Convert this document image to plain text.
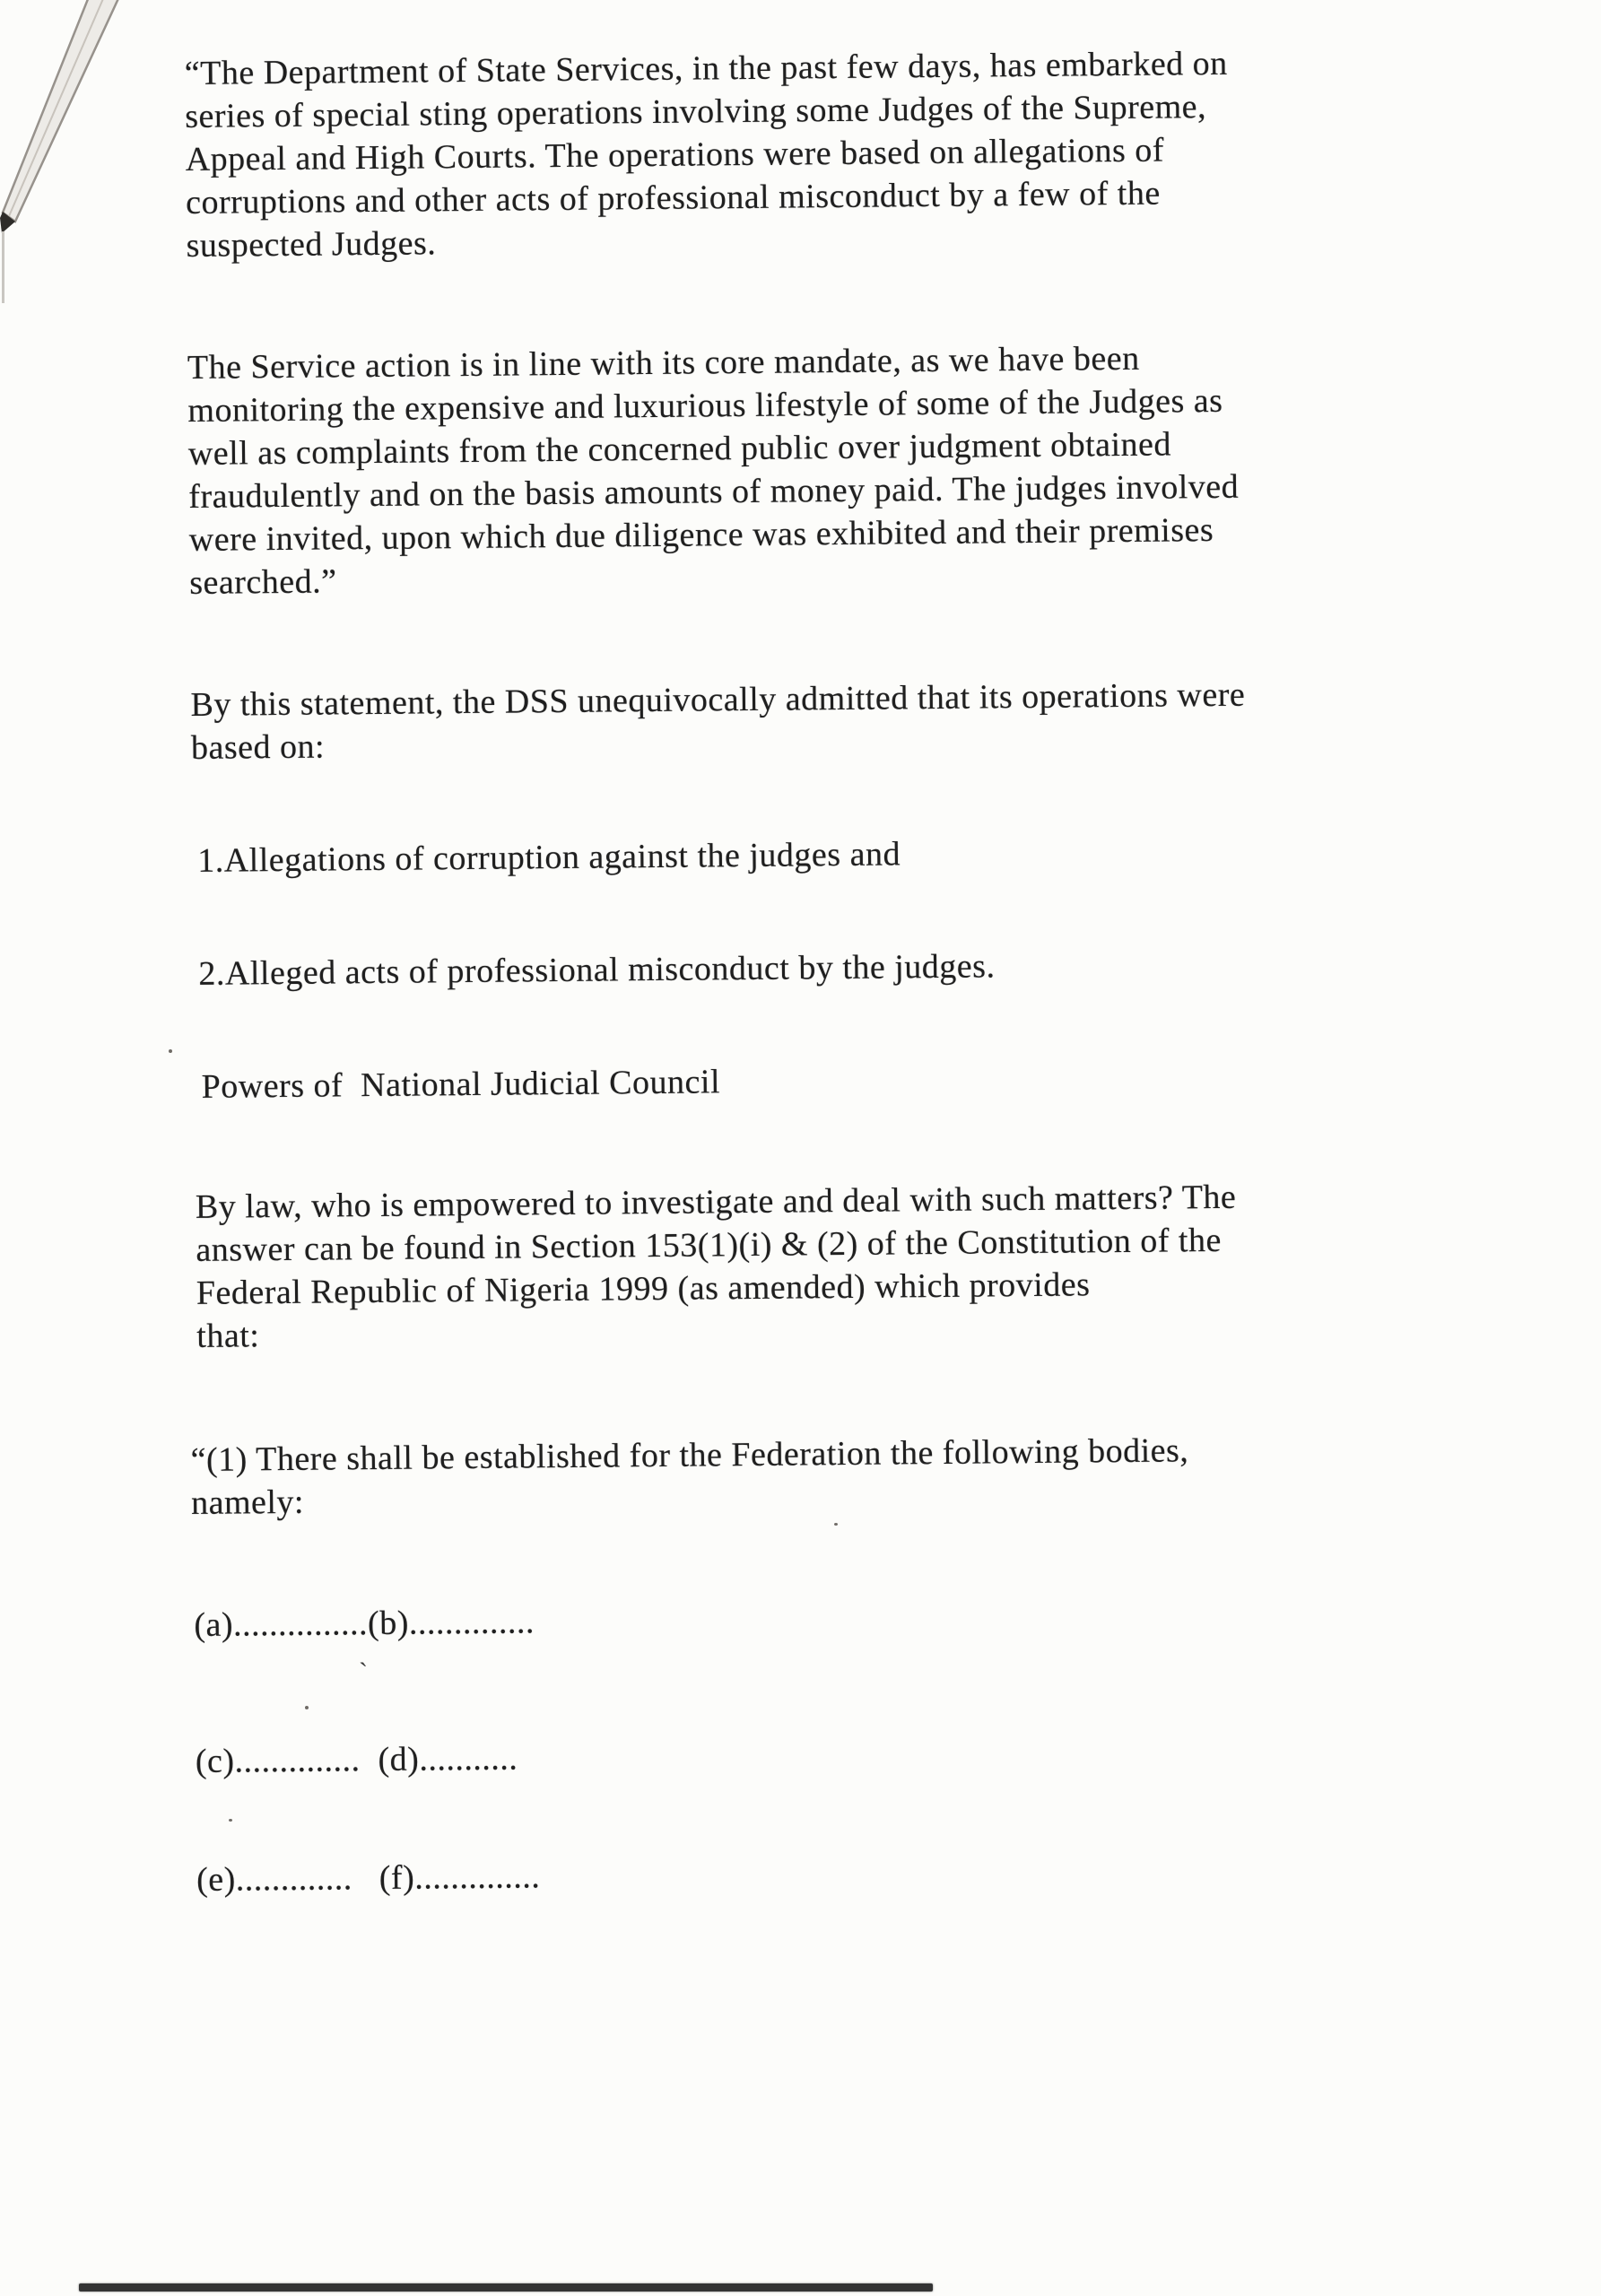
“The Department of State Services, in the past few days, has embarked on
series of special sting operations involving some Judges of the Supreme,
Appeal and High Courts. The operations were based on allegations of
corruptions and other acts of professional misconduct by a few of the
suspected Judges.
The Service action is in line with its core mandate, as we have been
monitoring the expensive and luxurious lifestyle of some of the Judges as
well as complaints from the concerned public over judgment obtained
fraudulently and on the basis amounts of money paid. The judges involved
were invited, upon which due diligence was exhibited and their premises
searched.”
By this statement, the DSS unequivocally admitted that its operations were
based on:
1.Allegations of corruption against the judges and
2.Alleged acts of professional misconduct by the judges.
Powers of  National Judicial Council
By law, who is empowered to investigate and deal with such matters? The
answer can be found in Section 153(1)(i) & (2) of the Constitution of the
Federal Republic of Nigeria 1999 (as amended) which provides
that:
“(1) There shall be established for the Federation the following bodies,
namely:
(a)...............(b)..............
(c)..............  (d)...........
(e).............   (f)..............
`
